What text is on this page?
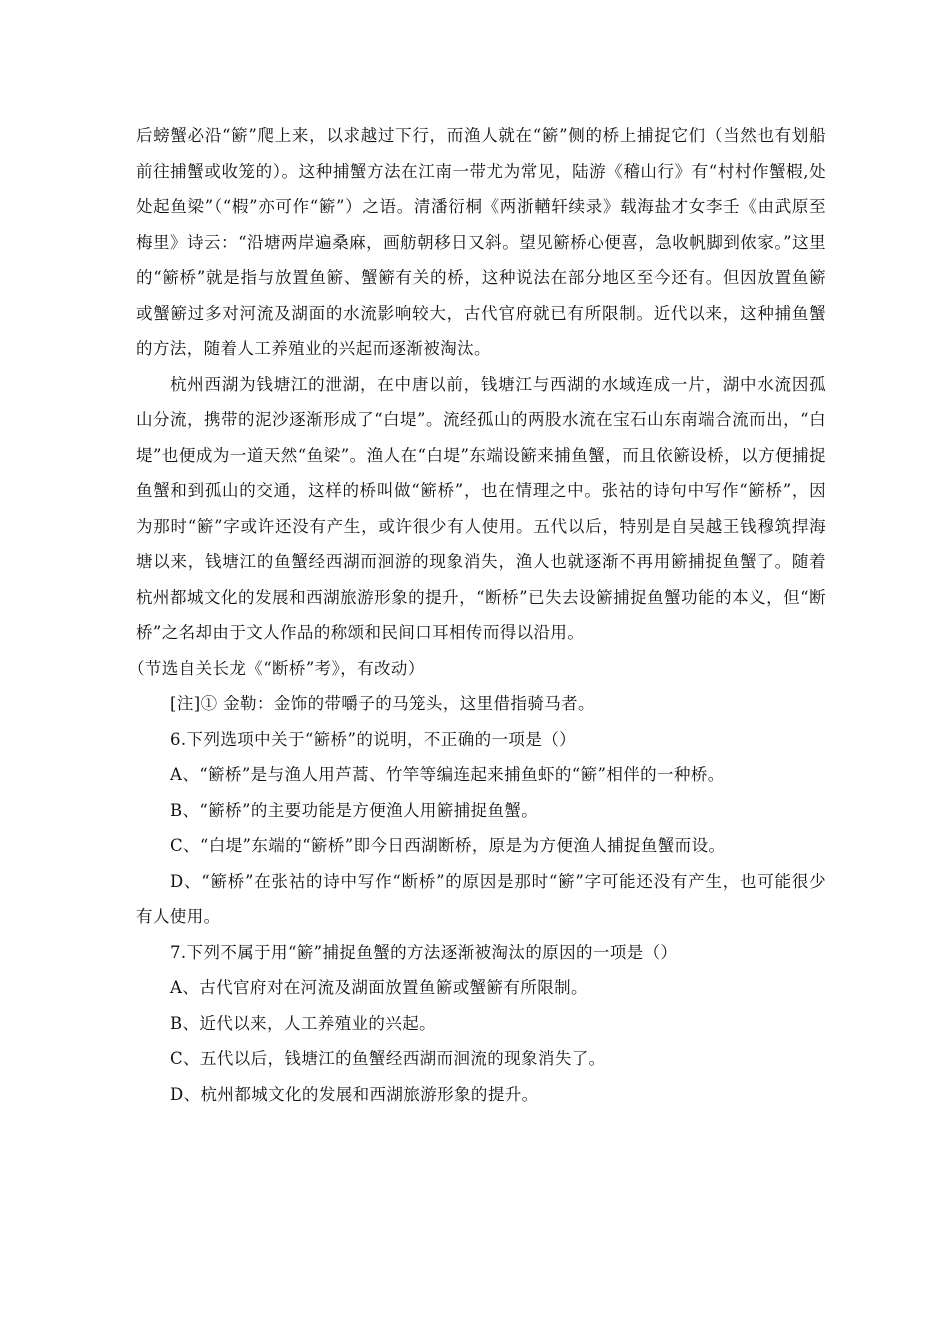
后螃蟹必沿“簖”爬上来，以求越过下行，而渔人就在“簖”侧的桥上捕捉它们（当然也有划船前往捕蟹或收笼的）。这种捕蟹方法在江南一带尤为常见，陆游《稽山行》有“村村作蟹椵,处处起鱼梁”（“椵”亦可作“簖”）之语。清潘衍桐《两浙輶轩续录》载海盐才女李壬《由武原至梅里》诗云：“沿塘两岸遍桑麻，画舫朝移日又斜。望见簖桥心便喜，急收帆脚到侬家。”这里的“簖桥”就是指与放置鱼簖、蟹簖有关的桥，这种说法在部分地区至今还有。但因放置鱼簖或蟹簖过多对河流及湖面的水流影响较大，古代官府就已有所限制。近代以来，这种捕鱼蟹的方法，随着人工养殖业的兴起而逐渐被淘汰。

杭州西湖为钱塘江的泄湖，在中唐以前，钱塘江与西湖的水域连成一片，湖中水流因孤山分流，携带的泥沙逐渐形成了“白堤”。流经孤山的两股水流在宝石山东南端合流而出，“白堤”也便成为一道天然“鱼梁”。渔人在“白堤”东端设簖来捕鱼蟹，而且依簖设桥，以方便捕捉鱼蟹和到孤山的交通，这样的桥叫做“簖桥”，也在情理之中。张祜的诗句中写作“簖桥”，因为那时“簖”字或许还没有产生，或许很少有人使用。五代以后，特别是自吴越王钱穆筑捍海塘以来，钱塘江的鱼蟹经西湖而洄游的现象消失，渔人也就逐渐不再用簖捕捉鱼蟹了。随着杭州都城文化的发展和西湖旅游形象的提升，“断桥”已失去设簖捕捉鱼蟹功能的本义，但“断桥”之名却由于文人作品的称颂和民间口耳相传而得以沿用。

（节选自关长龙《“断桥”考》，有改动）

[注]① 金勒：金饰的带嚼子的马笼头，这里借指骑马者。

6.下列选项中关于“簖桥”的说明，不正确的一项是（）

A、“簖桥”是与渔人用芦蒿、竹竿等编连起来捕鱼虾的“簖”相伴的一种桥。

B、“簖桥”的主要功能是方便渔人用簖捕捉鱼蟹。

C、“白堤”东端的“簖桥”即今日西湖断桥，原是为方便渔人捕捉鱼蟹而设。

D、“簖桥”在张祜的诗中写作“断桥”的原因是那时“簖”字可能还没有产生，也可能很少有人使用。

7.下列不属于用“簖”捕捉鱼蟹的方法逐渐被淘汰的原因的一项是（）

A、古代官府对在河流及湖面放置鱼簖或蟹簖有所限制。

B、近代以来，人工养殖业的兴起。

C、五代以后，钱塘江的鱼蟹经西湖而洄流的现象消失了。

D、杭州都城文化的发展和西湖旅游形象的提升。
